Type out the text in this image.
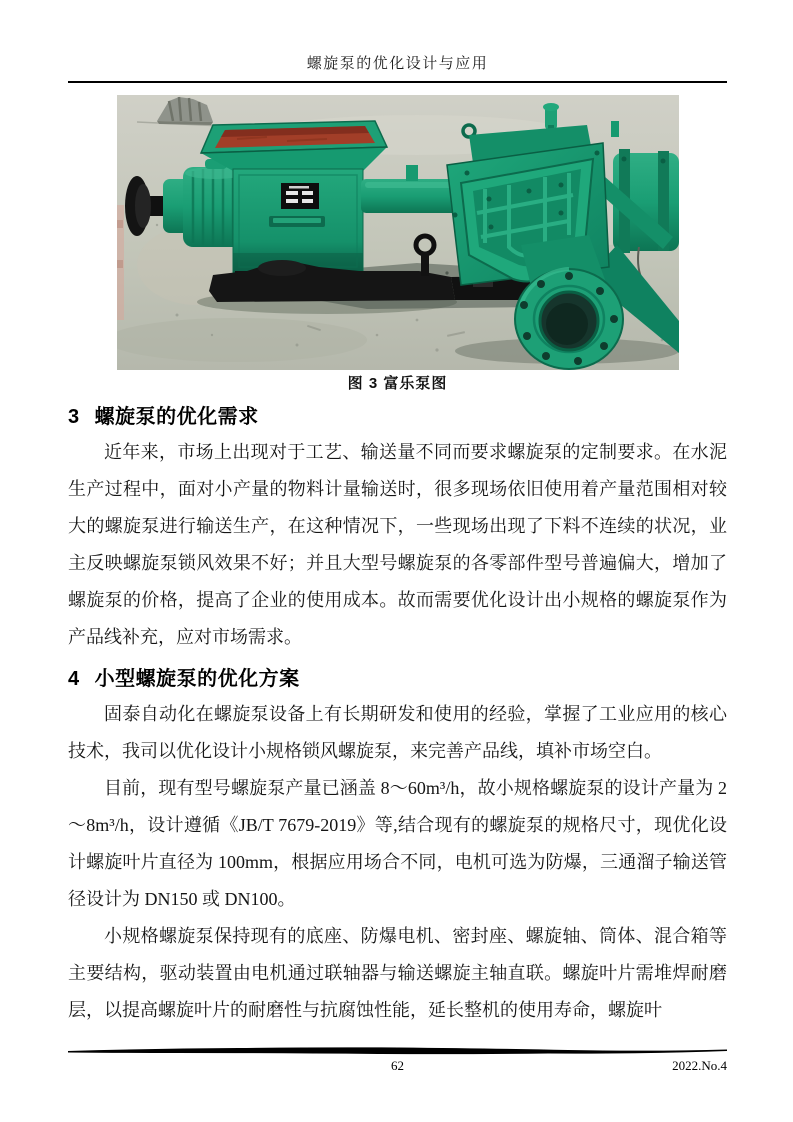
螺旋泵的优化设计与应用
图 3 富乐泵图
3 螺旋泵的优化需求

近年来，市场上出现对于工艺、输送量不同而要求螺旋泵的定制要求。在水泥生产过程中，面对小产量的物料计量输送时，很多现场依旧使用着产量范围相对较大的螺旋泵进行输送生产，在这种情况下，一些现场出现了下料不连续的状况，业主反映螺旋泵锁风效果不好；并且大型号螺旋泵的各零部件型号普遍偏大，增加了螺旋泵的价格，提高了企业的使用成本。故而需要优化设计出小规格的螺旋泵作为产品线补充，应对市场需求。

4 小型螺旋泵的优化方案

固泰自动化在螺旋泵设备上有长期研发和使用的经验，掌握了工业应用的核心技术，我司以优化设计小规格锁风螺旋泵，来完善产品线，填补市场空白。

目前，现有型号螺旋泵产量已涵盖 8～60m³/h，故小规格螺旋泵的设计产量为 2～8m³/h，设计遵循《JB/T 7679-2019》等,结合现有的螺旋泵的规格尺寸，现优化设计螺旋叶片直径为 100mm，根据应用场合不同，电机可选为防爆，三通溜子输送管径设计为 DN150 或 DN100。

小规格螺旋泵保持现有的底座、防爆电机、密封座、螺旋轴、筒体、混合箱等主要结构，驱动装置由电机通过联轴器与输送螺旋主轴直联。螺旋叶片需堆焊耐磨层，以提高螺旋叶片的耐磨性与抗腐蚀性能，延长整机的使用寿命，螺旋叶

62	2022.No.4
